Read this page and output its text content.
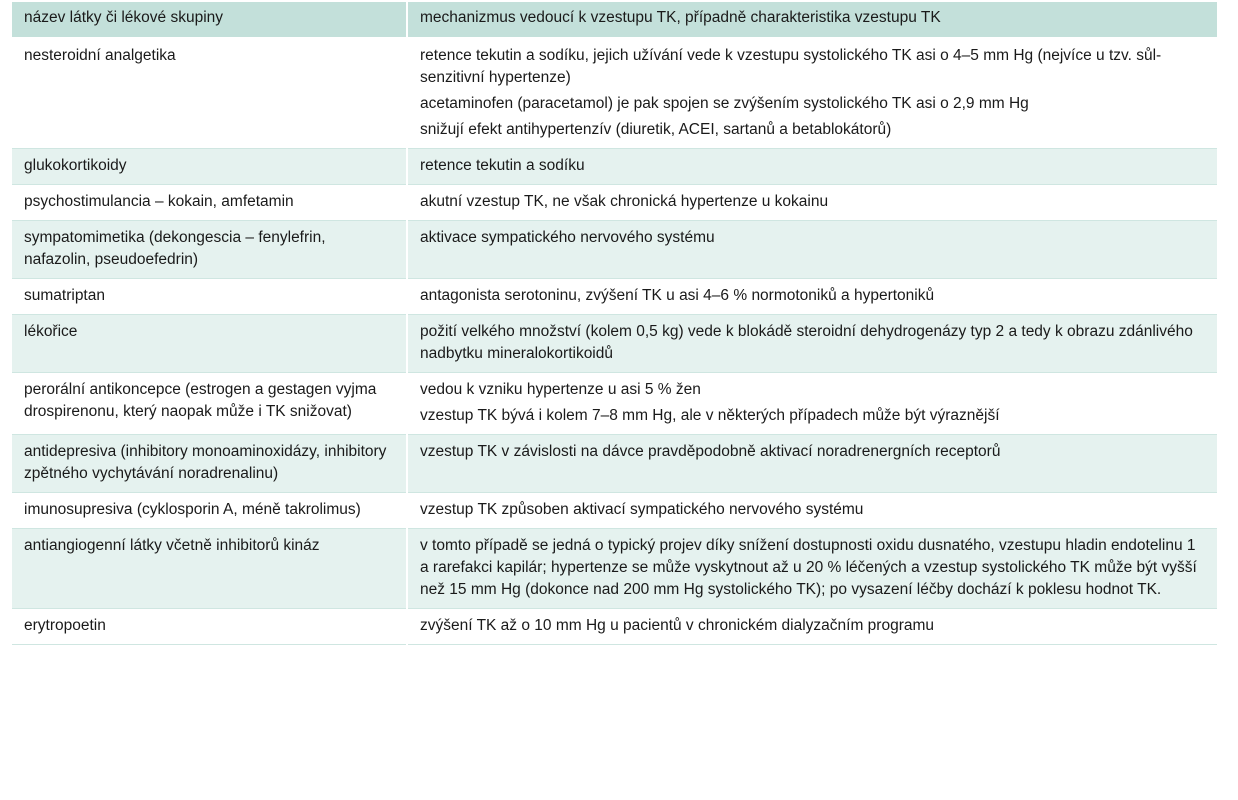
název látky či lékové skupiny	mechanizmus vedoucí k vzestupu TK, případně charakteristika vzestupu TK
nesteroidní analgetika	retence tekutin a sodíku, jejich užívání vede k vzestupu systolického TK asi o 4–5 mm Hg (nejvíce u tzv. sůl-senzitivní hypertenze)
acetaminofen (paracetamol) je pak spojen se zvýšením systolického TK asi o 2,9 mm Hg
snižují efekt antihypertenzív (diuretik, ACEI, sartanů a betablokátorů)

glukokortikoidy	retence tekutin a sodíku

psychostimulancia – kokain, amfetamin	akutní vzestup TK, ne však chronická hypertenze u kokainu

sympatomimetika (dekongescia – fenylefrin, nafazolin, pseudoefedrin)	aktivace sympatického nervového systému

sumatriptan	antagonista serotoninu, zvýšení TK u asi 4–6 % normotoniků a hypertoniků

lékořice	požití velkého množství (kolem 0,5 kg) vede k blokádě steroidní dehydrogenázy typ 2 a tedy k obrazu zdánlivého nadbytku mineralokortikoidů

perorální antikoncepce (estrogen a gestagen vyjma drospirenonu, který naopak může i TK snižovat)	vedou k vzniku hypertenze u asi 5 % žen
vzestup TK bývá i kolem 7–8 mm Hg, ale v některých případech může být výraznější

antidepresiva (inhibitory monoaminoxidázy, inhibitory zpětného vychytávání noradrenalinu)	vzestup TK v závislosti na dávce pravděpodobně aktivací noradrenergních receptorů

imunosupresiva (cyklosporin A, méně takrolimus)	vzestup TK způsoben aktivací sympatického nervového systému

antiangiogenní látky včetně inhibitorů kináz	v tomto případě se jedná o typický projev díky snížení dostupnosti oxidu dusnatého, vzestupu hladin endotelinu 1 a rarefakci kapilár; hypertenze se může vyskytnout až u 20 % léčených a vzestup systolického TK může být vyšší než 15 mm Hg (dokonce nad 200 mm Hg systolického TK); po vysazení léčby dochází k poklesu hodnot TK.

erytropoetin	zvýšení TK až o 10 mm Hg u pacientů v chronickém dialyzačním programu
